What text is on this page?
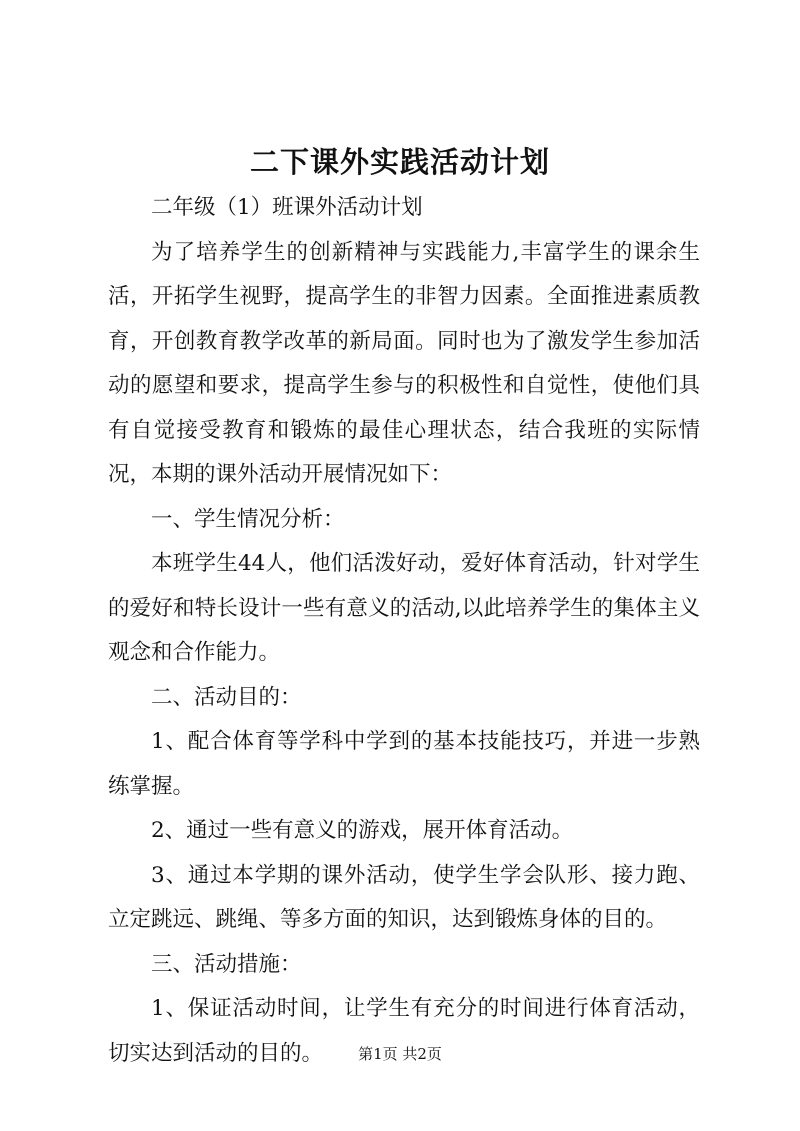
二下课外实践活动计划

二年级（1）班课外活动计划

为了培养学生的创新精神与实践能力,丰富学生的课余生活，开拓学生视野，提高学生的非智力因素。全面推进素质教育，开创教育教学改革的新局面。同时也为了激发学生参加活动的愿望和要求，提高学生参与的积极性和自觉性，使他们具有自觉接受教育和锻炼的最佳心理状态，结合我班的实际情况，本期的课外活动开展情况如下：

一、学生情况分析：

本班学生44人，他们活泼好动，爱好体育活动，针对学生的爱好和特长设计一些有意义的活动,以此培养学生的集体主义观念和合作能力。

二、活动目的：

1、配合体育等学科中学到的基本技能技巧，并进一步熟练掌握。

2、通过一些有意义的游戏，展开体育活动。

3、通过本学期的课外活动，使学生学会队形、接力跑、立定跳远、跳绳、等多方面的知识，达到锻炼身体的目的。

三、活动措施：

1、保证活动时间，让学生有充分的时间进行体育活动，切实达到活动的目的。	第1页 共2页
